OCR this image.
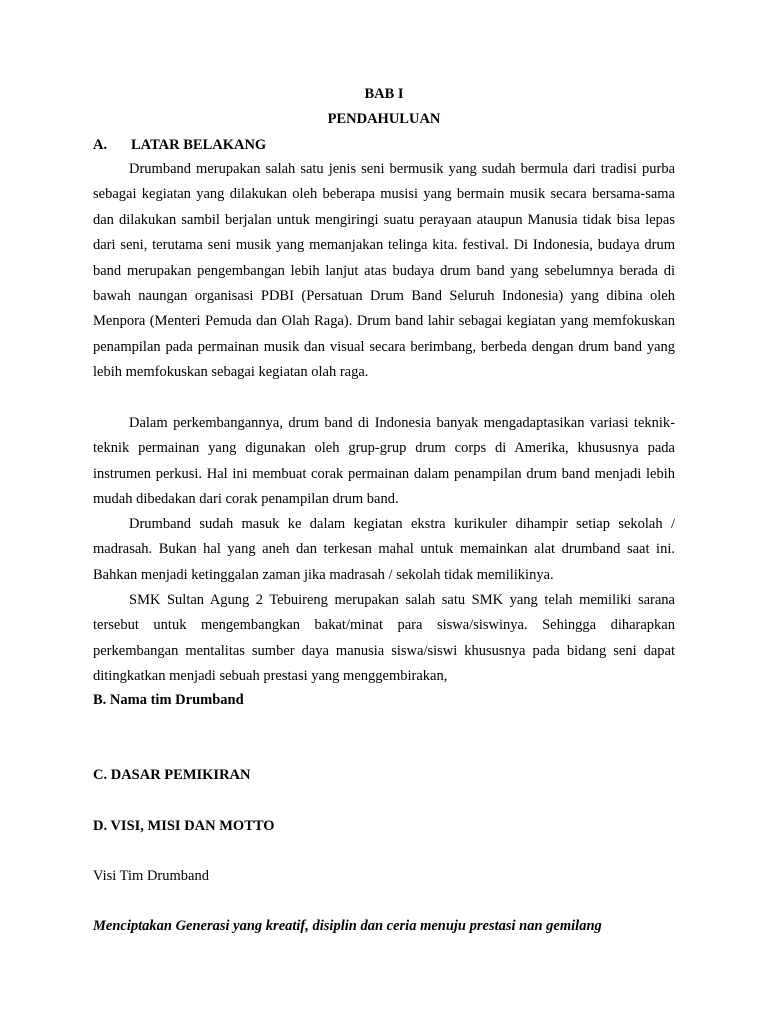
BAB I
PENDAHULUAN
A. LATAR BELAKANG

Drumband merupakan salah satu jenis seni bermusik yang sudah bermula dari tradisi purba sebagai kegiatan yang dilakukan oleh beberapa musisi yang bermain musik secara bersama-sama dan dilakukan sambil berjalan untuk mengiringi suatu perayaan ataupun Manusia tidak bisa lepas dari seni, terutama seni musik yang memanjakan telinga kita. festival. Di Indonesia, budaya drum band merupakan pengembangan lebih lanjut atas budaya drum band yang sebelumnya berada di bawah naungan organisasi PDBI (Persatuan Drum Band Seluruh Indonesia) yang dibina oleh Menpora (Menteri Pemuda dan Olah Raga). Drum band lahir sebagai kegiatan yang memfokuskan penampilan pada permainan musik dan visual secara berimbang, berbeda dengan drum band yang lebih memfokuskan sebagai kegiatan olah raga.

Dalam perkembangannya, drum band di Indonesia banyak mengadaptasikan variasi teknik-teknik permainan yang digunakan oleh grup-grup drum corps di Amerika, khususnya pada instrumen perkusi. Hal ini membuat corak permainan dalam penampilan drum band menjadi lebih mudah dibedakan dari corak penampilan drum band.

Drumband sudah masuk ke dalam kegiatan ekstra kurikuler dihampir setiap sekolah / madrasah. Bukan hal yang aneh dan terkesan mahal untuk memainkan alat drumband saat ini. Bahkan menjadi ketinggalan zaman jika madrasah / sekolah tidak memilikinya.

SMK Sultan Agung 2 Tebuireng merupakan salah satu SMK yang telah memiliki sarana tersebut untuk mengembangkan bakat/minat para siswa/siswinya. Sehingga diharapkan perkembangan mentalitas sumber daya manusia siswa/siswi khususnya pada bidang seni dapat ditingkatkan menjadi sebuah prestasi yang menggembirakan,

B. Nama tim Drumband
C. DASAR PEMIKIRAN
D. VISI, MISI DAN MOTTO
Visi Tim Drumband
Menciptakan Generasi yang kreatif, disiplin dan ceria menuju prestasi nan gemilang
